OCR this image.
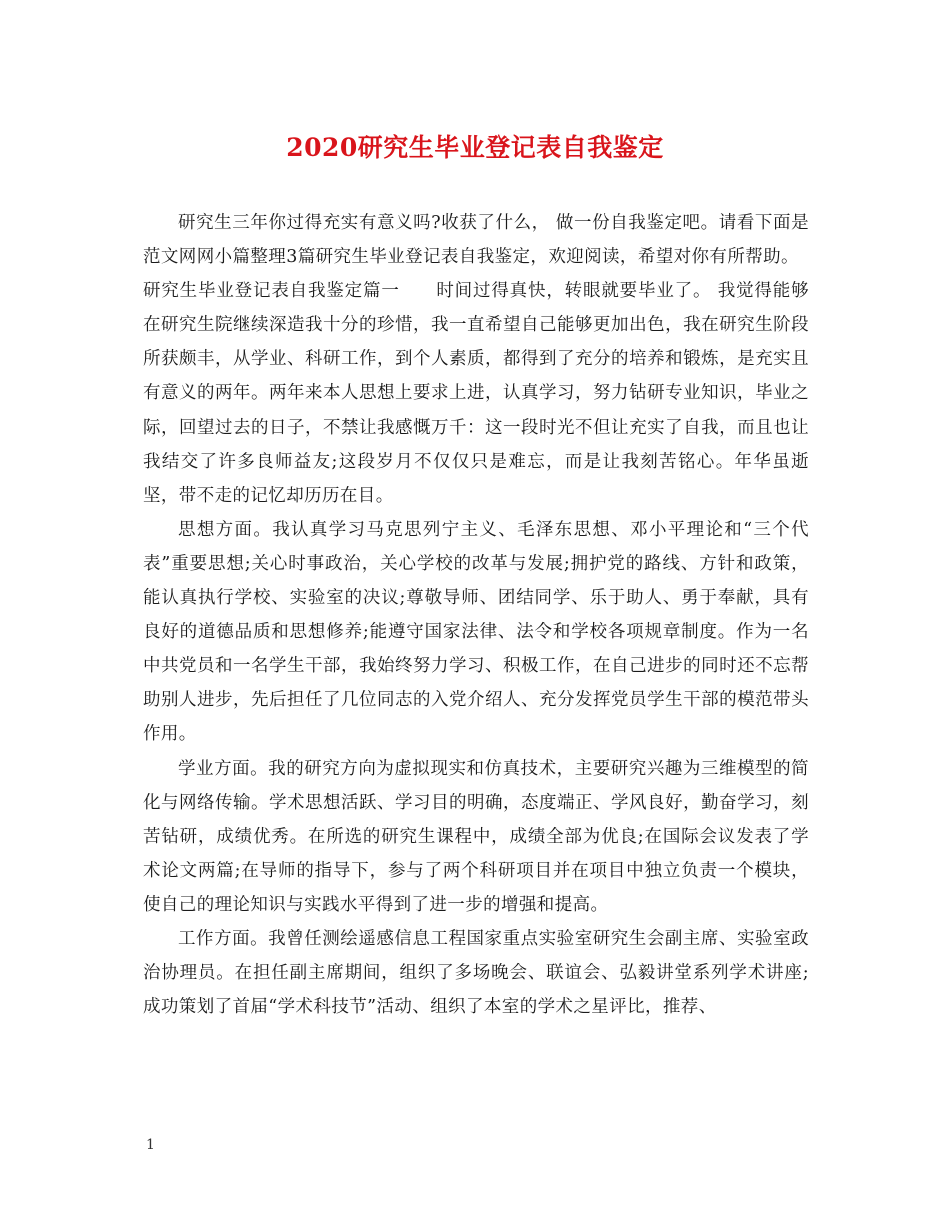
2020研究生毕业登记表自我鉴定

研究生三年你过得充实有意义吗?收获了什么， 做一份自我鉴定吧。请看下面是范文网网小篇整理3篇研究生毕业登记表自我鉴定，欢迎阅读，希望对你有所帮助。

研究生毕业登记表自我鉴定篇一　　时间过得真快，转眼就要毕业了。 我觉得能够在研究生院继续深造我十分的珍惜，我一直希望自己能够更加出色，我在研究生阶段所获颇丰，从学业、科研工作，到个人素质，都得到了充分的培养和锻炼，是充实且有意义的两年。两年来本人思想上要求上进，认真学习，努力钻研专业知识，毕业之际，回望过去的日子，不禁让我感慨万千：这一段时光不但让充实了自我，而且也让我结交了许多良师益友;这段岁月不仅仅只是难忘，而是让我刻苦铭心。年华虽逝坚，带不走的记忆却历历在目。

思想方面。我认真学习马克思列宁主义、毛泽东思想、邓小平理论和“三个代表”重要思想;关心时事政治，关心学校的改革与发展;拥护党的路线、方针和政策，能认真执行学校、实验室的决议;尊敬导师、团结同学、乐于助人、勇于奉献，具有良好的道德品质和思想修养;能遵守国家法律、法令和学校各项规章制度。作为一名中共党员和一名学生干部，我始终努力学习、积极工作，在自己进步的同时还不忘帮助别人进步，先后担任了几位同志的入党介绍人、充分发挥党员学生干部的模范带头作用。

学业方面。我的研究方向为虚拟现实和仿真技术，主要研究兴趣为三维模型的简化与网络传输。学术思想活跃、学习目的明确，态度端正、学风良好，勤奋学习，刻苦钻研，成绩优秀。在所选的研究生课程中，成绩全部为优良;在国际会议发表了学术论文两篇;在导师的指导下，参与了两个科研项目并在项目中独立负责一个模块，使自己的理论知识与实践水平得到了进一步的增强和提高。

工作方面。我曾任测绘遥感信息工程国家重点实验室研究生会副主席、实验室政治协理员。在担任副主席期间，组织了多场晚会、联谊会、弘毅讲堂系列学术讲座;成功策划了首届“学术科技节”活动、组织了本室的学术之星评比，推荐、

1
